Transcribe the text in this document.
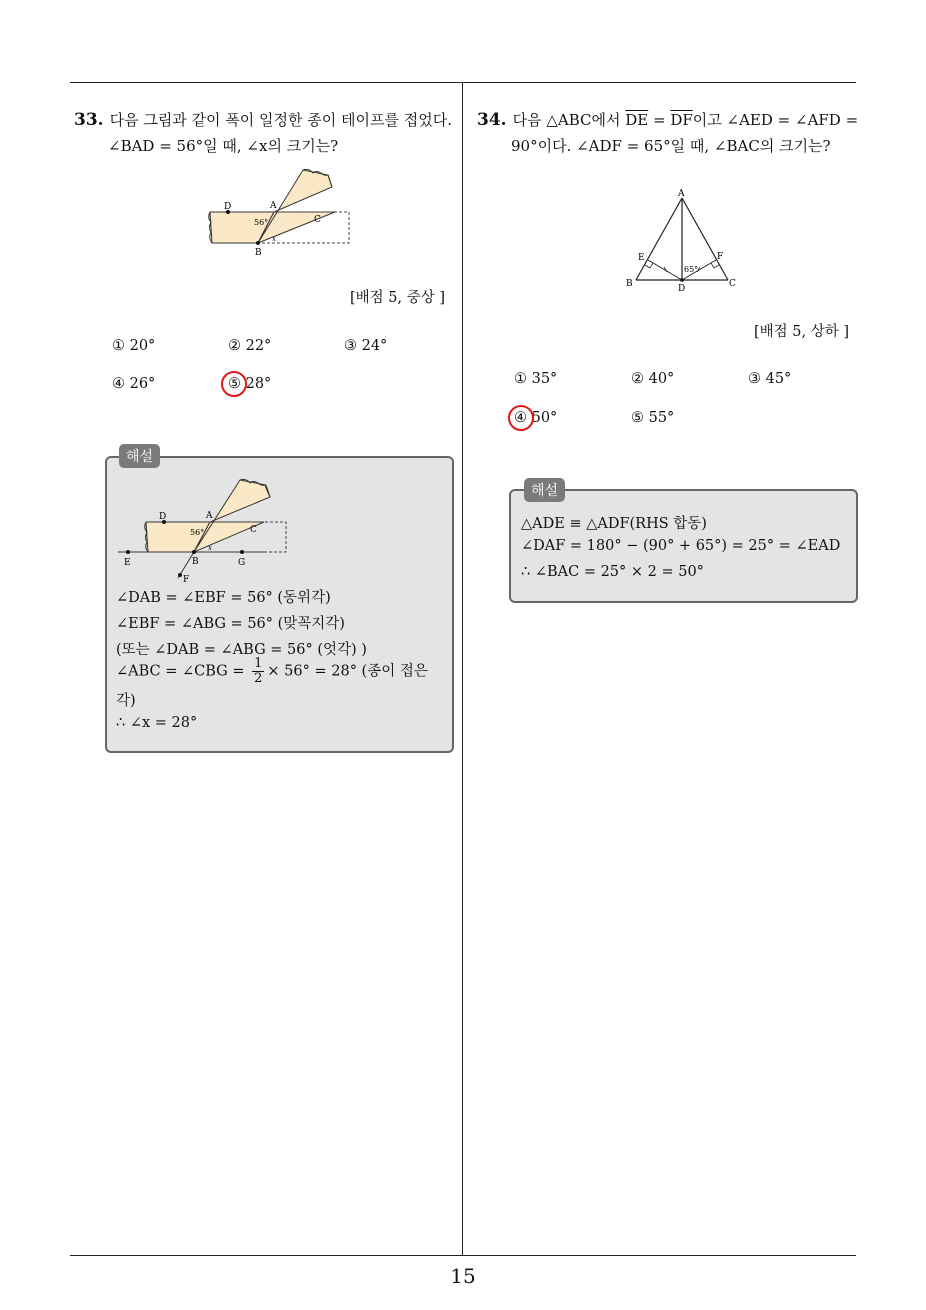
15
33. 다음 그림과 같이 폭이 일정한 종이 테이프를 접었다.
∠BAD = 56°일 때, ∠x의 크기는?
D	A
C
B
56°
x
[배점 5, 중상 ]
① 20°	② 22°	③ 24°
④ 26°	⑤ 28°
해설
D	A
C
B
E	G
F
56°
x
∠DAB = ∠EBF = 56° (동위각)
∠EBF = ∠ABG = 56° (맞꼭지각)
(또는 ∠DAB = ∠ABG = 56° (엇각) )
∠ABC = ∠CBG = $\frac{1}{2} \times 56^\circ = 28^\circ$ (종이 접은
각)
∴ ∠x = 28°
34. 다음 △ABC에서 $\overline{DE} = \overline{DF}$이고 ∠AED = ∠AFD =
90°이다. ∠ADF = 65°일 때, ∠BAC의 크기는?
A
E	F
B	D	C
65°
[배점 5, 상하 ]
① 35°	② 40°	③ 45°
④ 50°	⑤ 55°
해설
△ADE ≡ △ADF(RHS 합동)
∠DAF = 180° − (90° + 65°) = 25° = ∠EAD
∴ ∠BAC = 25° × 2 = 50°
